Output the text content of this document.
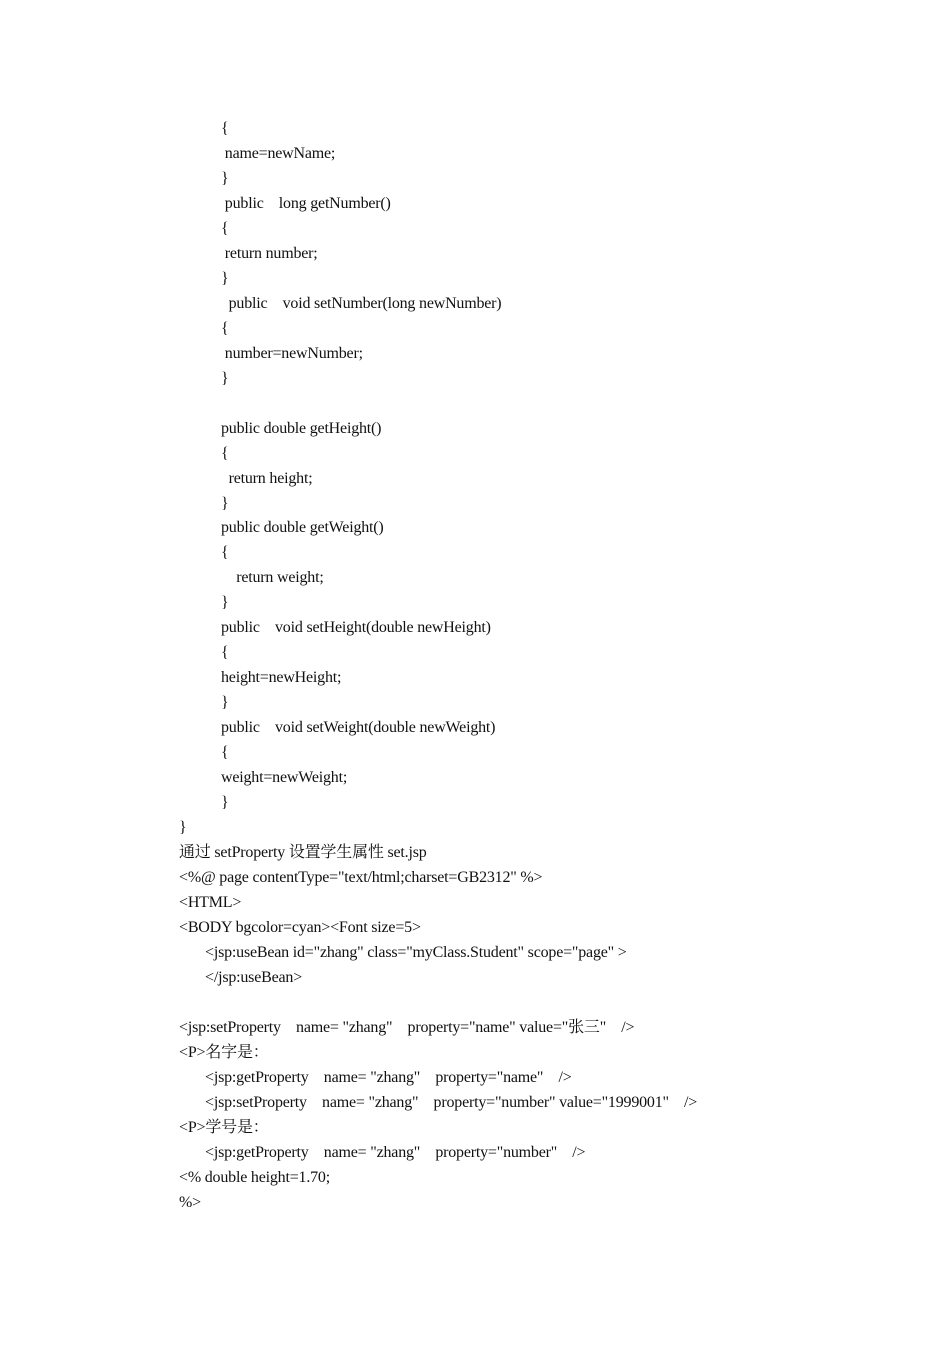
{
name=newName;
}
public    long getNumber()
{
return number;
}
public    void setNumber(long newNumber)
{
number=newNumber;
}
public double getHeight()
{
return height;
}
public double getWeight()
{
return weight;
}
public    void setHeight(double newHeight)
{
height=newHeight;
}
public    void setWeight(double newWeight)
{
weight=newWeight;
}
}
通过 setProperty 设置学生属性 set.jsp
<%@ page contentType="text/html;charset=GB2312" %>
<HTML>
<BODY bgcolor=cyan><Font size=5>
<jsp:useBean id="zhang" class="myClass.Student" scope="page" >
</jsp:useBean>
<jsp:setProperty    name= "zhang"    property="name" value="张三"    />
<P>名字是：
<jsp:getProperty    name= "zhang"    property="name"    />
<jsp:setProperty    name= "zhang"    property="number" value="1999001"    />
<P>学号是：
<jsp:getProperty    name= "zhang"    property="number"    />
<% double height=1.70;
%>
